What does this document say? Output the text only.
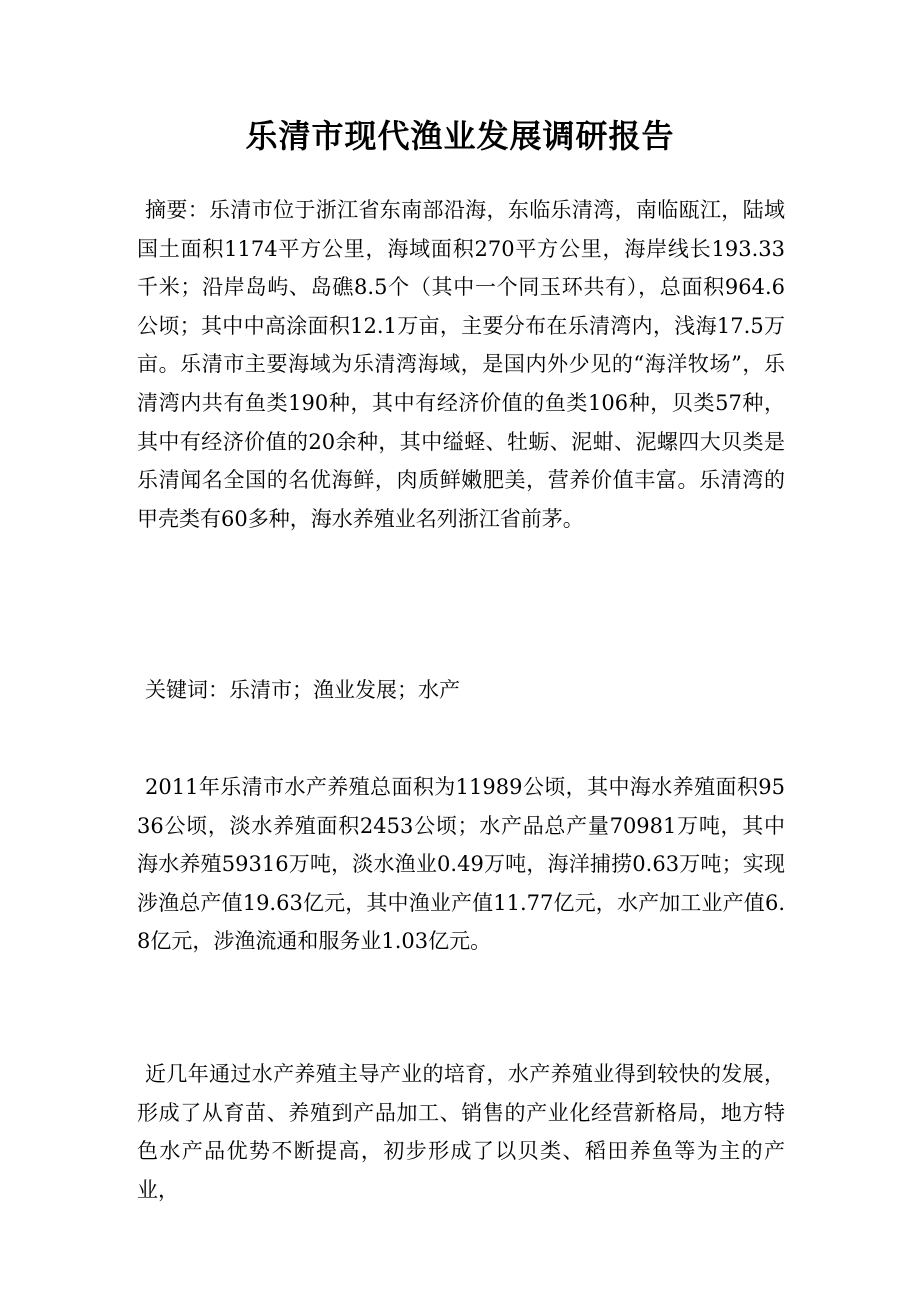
乐清市现代渔业发展调研报告

摘要：乐清市位于浙江省东南部沿海，东临乐清湾，南临瓯江，陆域国土面积1174平方公里，海域面积270平方公里，海岸线长193.33千米；沿岸岛屿、岛礁8.5个（其中一个同玉环共有），总面积964.6公顷；其中中高涂面积12.1万亩，主要分布在乐清湾内，浅海17.5万亩。乐清市主要海域为乐清湾海域，是国内外少见的“海洋牧场”，乐清湾内共有鱼类190种，其中有经济价值的鱼类106种，贝类57种，其中有经济价值的20余种，其中缢蛏、牡蛎、泥蚶、泥螺四大贝类是乐清闻名全国的名优海鲜，肉质鲜嫩肥美，营养价值丰富。乐清湾的甲壳类有60多种，海水养殖业名列浙江省前茅。

关键词：乐清市；渔业发展；水产

2011年乐清市水产养殖总面积为11989公顷，其中海水养殖面积9536公顷，淡水养殖面积2453公顷；水产品总产量70981万吨，其中海水养殖59316万吨，淡水渔业0.49万吨，海洋捕捞0.63万吨；实现涉渔总产值19.63亿元，其中渔业产值11.77亿元，水产加工业产值6.8亿元，涉渔流通和服务业1.03亿元。

近几年通过水产养殖主导产业的培育，水产养殖业得到较快的发展，形成了从育苗、养殖到产品加工、销售的产业化经营新格局，地方特色水产品优势不断提高，初步形成了以贝类、稻田养鱼等为主的产业，
